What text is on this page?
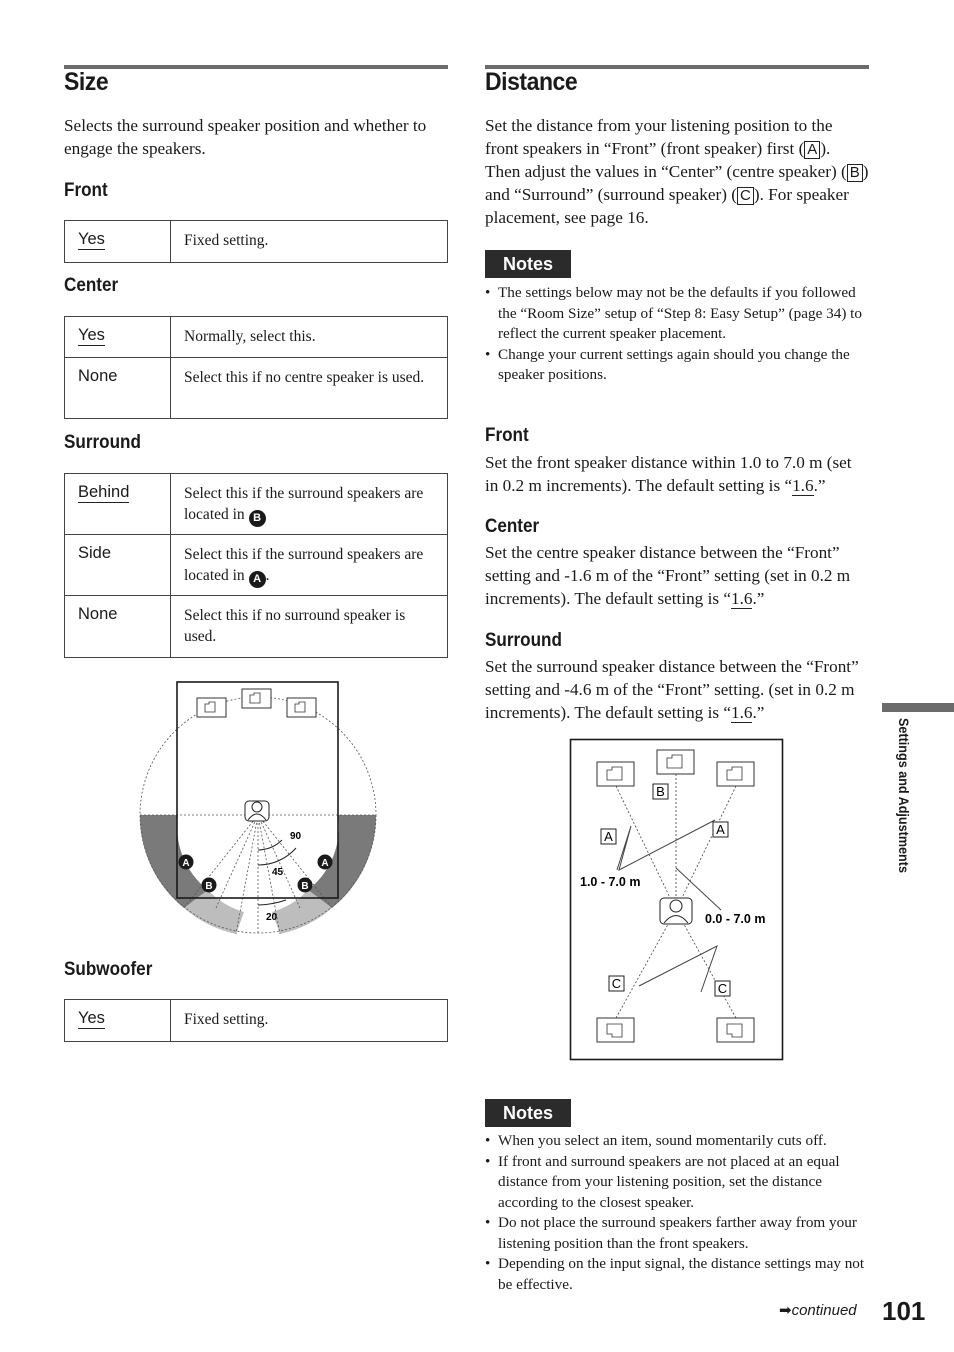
Size

Selects the surround speaker position and whether to engage the speakers.

Front
Yes	Fixed setting.
Center
Yes	Normally, select this.
None	Select this if no centre speaker is used.
Surround
Behind	Select this if the surround speakers are located in B
Side	Select this if the surround speakers are located in A .
None	Select this if no surround speaker is used.
Subwoofer
Yes	Fixed setting.
90
45
20
A	A
B	B
Distance

Set the distance from your listening position to the front speakers in “Front” (front speaker) first ( A ). Then adjust the values in “Center” (centre speaker) ( B ) and “Surround” (surround speaker) ( C ). For speaker placement, see page 16.

Notes
• The settings below may not be the defaults if you followed the “Room Size” setup of “Step 8: Easy Setup” (page 34) to reflect the current speaker placement.
• Change your current settings again should you change the speaker positions.
Front

Set the front speaker distance within 1.0 to 7.0 m (set in 0.2 m increments). The default setting is “1.6.”

Center

Set the centre speaker distance between the “Front” setting and -1.6 m of the “Front” setting (set in 0.2 m increments). The default setting is “1.6.”

Surround

Set the surround speaker distance between the “Front” setting and -4.6 m of the “Front” setting. (set in 0.2 m increments). The default setting is “1.6.”

B
A	A
C	C
1.0 - 7.0 m
0.0 - 7.0 m
Notes
• When you select an item, sound momentarily cuts off.
• If front and surround speakers are not placed at an equal distance from your listening position, set the distance according to the closest speaker.
• Do not place the surround speakers farther away from your listening position than the front speakers.
• Depending on the input signal, the distance settings may not be effective.
Settings and Adjustments
➡continued 101
